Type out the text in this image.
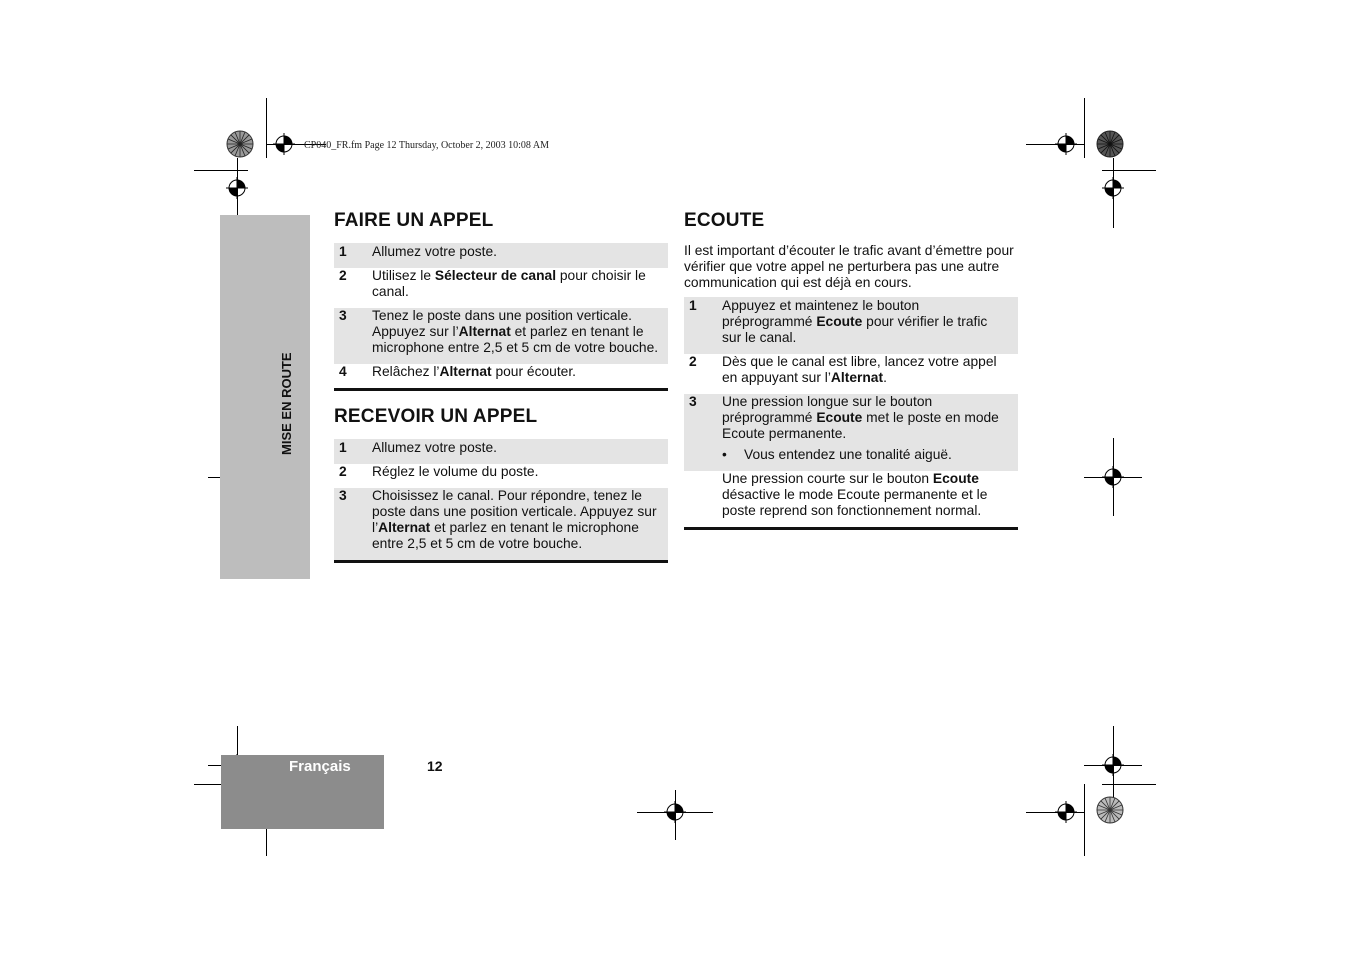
CP040_FR.fm Page 12 Thursday, October 2, 2003 10:08 AM
MISE EN ROUTE
Français	12
FAIRE UN APPEL
1	Allumez votre poste.
2	Utilisez le Sélecteur de canal pour choisir le canal.
3	Tenez le poste dans une position verticale. Appuyez sur l’Alternat et parlez en tenant le microphone entre 2,5 et 5 cm de votre bouche.
4	Relâchez l’Alternat pour écouter.
RECEVOIR UN APPEL
1	Allumez votre poste.
2	Réglez le volume du poste.
3	Choisissez le canal. Pour répondre, tenez le poste dans une position verticale. Appuyez sur l’Alternat et parlez en tenant le microphone entre 2,5 et 5 cm de votre bouche.
ECOUTE

Il est important d’écouter le trafic avant d’émettre pour vérifier que votre appel ne perturbera pas une autre communication qui est déjà en cours.

1	Appuyez et maintenez le bouton préprogrammé Ecoute pour vérifier le trafic sur le canal.
2	Dès que le canal est libre, lancez votre appel en appuyant sur l’Alternat.
3	Une pression longue sur le bouton préprogrammé Ecoute met le poste en mode Ecoute permanente.
•	Vous entendez une tonalité aiguë.
Une pression courte sur le bouton Ecoute désactive le mode Ecoute permanente et le poste reprend son fonctionnement normal.
